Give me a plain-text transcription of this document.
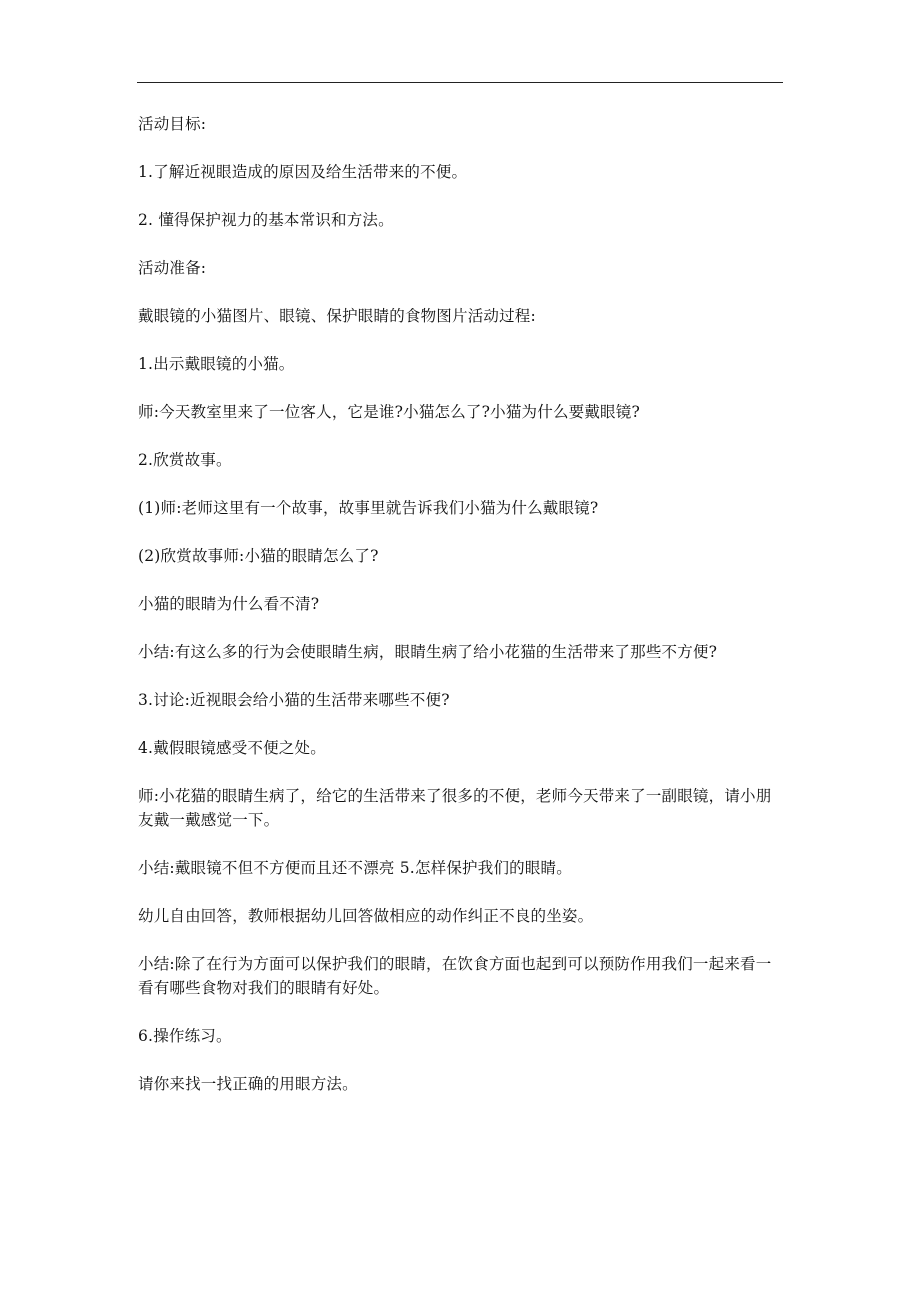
活动目标:

1.了解近视眼造成的原因及给生活带来的不便。

2. 懂得保护视力的基本常识和方法。

活动准备:

戴眼镜的小猫图片、眼镜、保护眼睛的食物图片活动过程:

1.出示戴眼镜的小猫。

师:今天教室里来了一位客人，它是谁?小猫怎么了?小猫为什么要戴眼镜?

2.欣赏故事。

(1)师:老师这里有一个故事，故事里就告诉我们小猫为什么戴眼镜?

(2)欣赏故事师:小猫的眼睛怎么了?

小猫的眼睛为什么看不清?

小结:有这么多的行为会使眼睛生病，眼睛生病了给小花猫的生活带来了那些不方便?

3.讨论:近视眼会给小猫的生活带来哪些不便?

4.戴假眼镜感受不便之处。

师:小花猫的眼睛生病了，给它的生活带来了很多的不便，老师今天带来了一副眼镜，请小朋友戴一戴感觉一下。

小结:戴眼镜不但不方便而且还不漂亮 5.怎样保护我们的眼睛。

幼儿自由回答，教师根据幼儿回答做相应的动作纠正不良的坐姿。

小结:除了在行为方面可以保护我们的眼睛，在饮食方面也起到可以预防作用我们一起来看一看有哪些食物对我们的眼睛有好处。

6.操作练习。

请你来找一找正确的用眼方法。
